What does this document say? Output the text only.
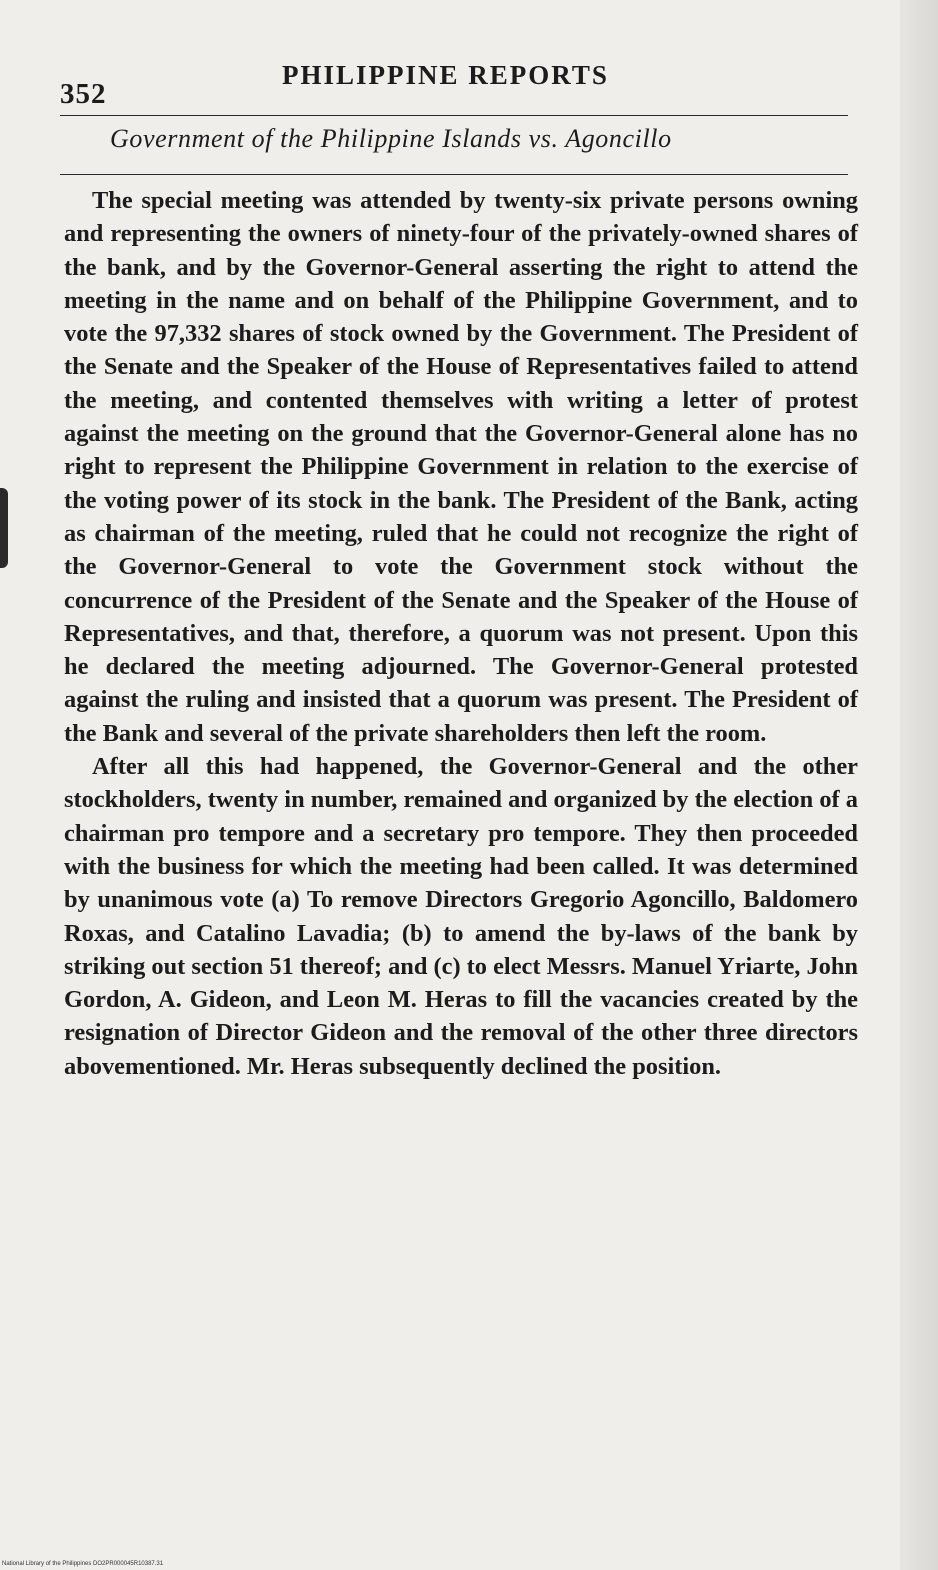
352
PHILIPPINE REPORTS
Government of the Philippine Islands vs. Agoncillo

The special meeting was attended by twenty-six private persons owning and representing the owners of ninety-four of the privately-owned shares of the bank, and by the Governor-General asserting the right to attend the meeting in the name and on behalf of the Philippine Government, and to vote the 97,332 shares of stock owned by the Government. The President of the Senate and the Speaker of the House of Representatives failed to attend the meeting, and contented themselves with writing a letter of protest against the meeting on the ground that the Governor-General alone has no right to represent the Philippine Government in relation to the exercise of the voting power of its stock in the bank. The President of the Bank, acting as chairman of the meeting, ruled that he could not recognize the right of the Governor-General to vote the Government stock without the concurrence of the President of the Senate and the Speaker of the House of Representatives, and that, therefore, a quorum was not present. Upon this he declared the meeting adjourned. The Governor-General protested against the ruling and insisted that a quorum was present. The President of the Bank and several of the private shareholders then left the room.

After all this had happened, the Governor-General and the other stockholders, twenty in number, remained and organized by the election of a chairman pro tempore and a secretary pro tempore. They then proceeded with the business for which the meeting had been called. It was determined by unanimous vote (a) To remove Directors Gregorio Agoncillo, Baldomero Roxas, and Catalino Lavadia; (b) to amend the by-laws of the bank by striking out section 51 thereof; and (c) to elect Messrs. Manuel Yriarte, John Gordon, A. Gideon, and Leon M. Heras to fill the vacancies created by the resignation of Director Gideon and the removal of the other three directors abovementioned. Mr. Heras subsequently declined the position.

National Library of the Philippines DO2PR000045R10387.31
